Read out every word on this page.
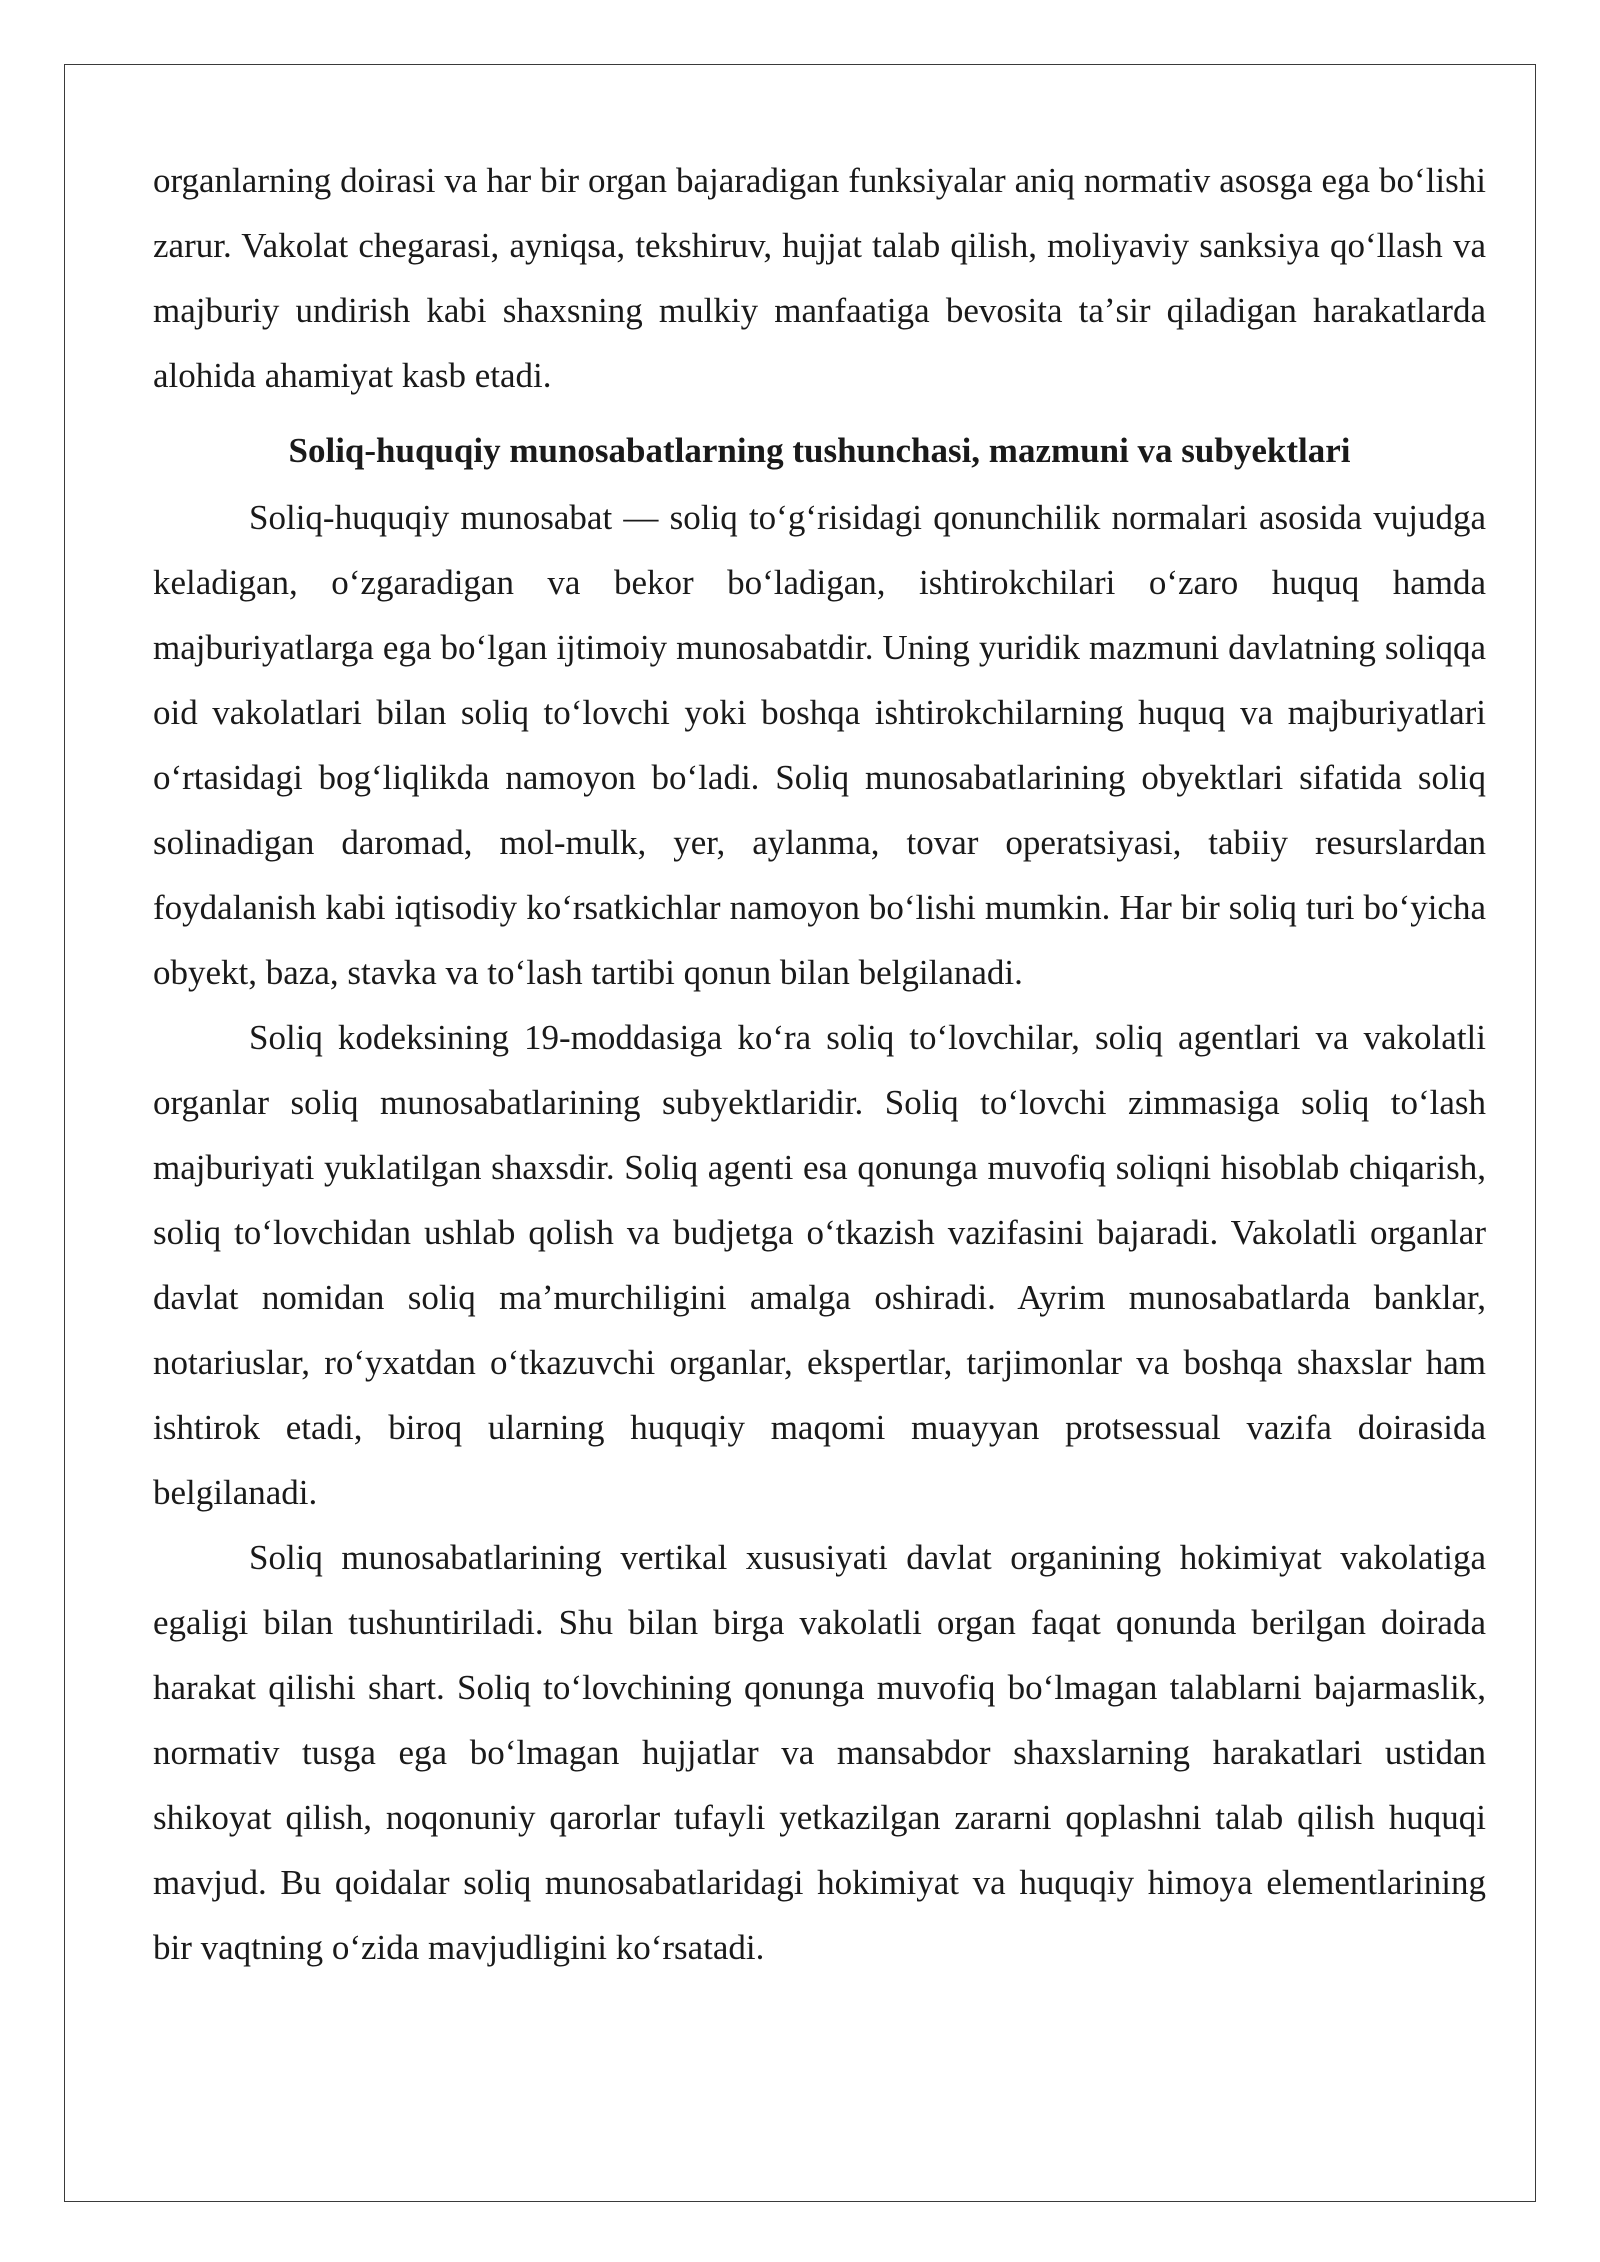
organlarning doirasi va har bir organ bajaradigan funksiyalar aniq normativ asosga ega boʻlishi zarur. Vakolat chegarasi, ayniqsa, tekshiruv, hujjat talab qilish, moliyaviy sanksiya qoʻllash va majburiy undirish kabi shaxsning mulkiy manfaatiga bevosita taʼsir qiladigan harakatlarda alohida ahamiyat kasb etadi.

Soliq-huquqiy munosabatlarning tushunchasi, mazmuni va subyektlari

Soliq-huquqiy munosabat — soliq toʻgʻrisidagi qonunchilik normalari asosida vujudga keladigan, oʻzgaradigan va bekor boʻladigan, ishtirokchilari oʻzaro huquq hamda majburiyatlarga ega boʻlgan ijtimoiy munosabatdir. Uning yuridik mazmuni davlatning soliqqa oid vakolatlari bilan soliq toʻlovchi yoki boshqa ishtirokchilarning huquq va majburiyatlari oʻrtasidagi bogʻliqlikda namoyon boʻladi. Soliq munosabatlarining obyektlari sifatida soliq solinadigan daromad, mol-mulk, yer, aylanma, tovar operatsiyasi, tabiiy resurslardan foydalanish kabi iqtisodiy koʻrsatkichlar namoyon boʻlishi mumkin. Har bir soliq turi boʻyicha obyekt, baza, stavka va toʻlash tartibi qonun bilan belgilanadi.

Soliq kodeksining 19-moddasiga koʻra soliq toʻlovchilar, soliq agentlari va vakolatli organlar soliq munosabatlarining subyektlaridir. Soliq toʻlovchi zimmasiga soliq toʻlash majburiyati yuklatilgan shaxsdir. Soliq agenti esa qonunga muvofiq soliqni hisoblab chiqarish, soliq toʻlovchidan ushlab qolish va budjetga oʻtkazish vazifasini bajaradi. Vakolatli organlar davlat nomidan soliq maʼmurchiligini amalga oshiradi. Ayrim munosabatlarda banklar, notariuslar, roʻyxatdan oʻtkazuvchi organlar, ekspertlar, tarjimonlar va boshqa shaxslar ham ishtirok etadi, biroq ularning huquqiy maqomi muayyan protsessual vazifa doirasida belgilanadi.

Soliq munosabatlarining vertikal xususiyati davlat organining hokimiyat vakolatiga egaligi bilan tushuntiriladi. Shu bilan birga vakolatli organ faqat qonunda berilgan doirada harakat qilishi shart. Soliq toʻlovchining qonunga muvofiq boʻlmagan talablarni bajarmaslik, normativ tusga ega boʻlmagan hujjatlar va mansabdor shaxslarning harakatlari ustidan shikoyat qilish, noqonuniy qarorlar tufayli yetkazilgan zararni qoplashni talab qilish huquqi mavjud. Bu qoidalar soliq munosabatlaridagi hokimiyat va huquqiy himoya elementlarining bir vaqtning oʻzida mavjudligini koʻrsatadi.
